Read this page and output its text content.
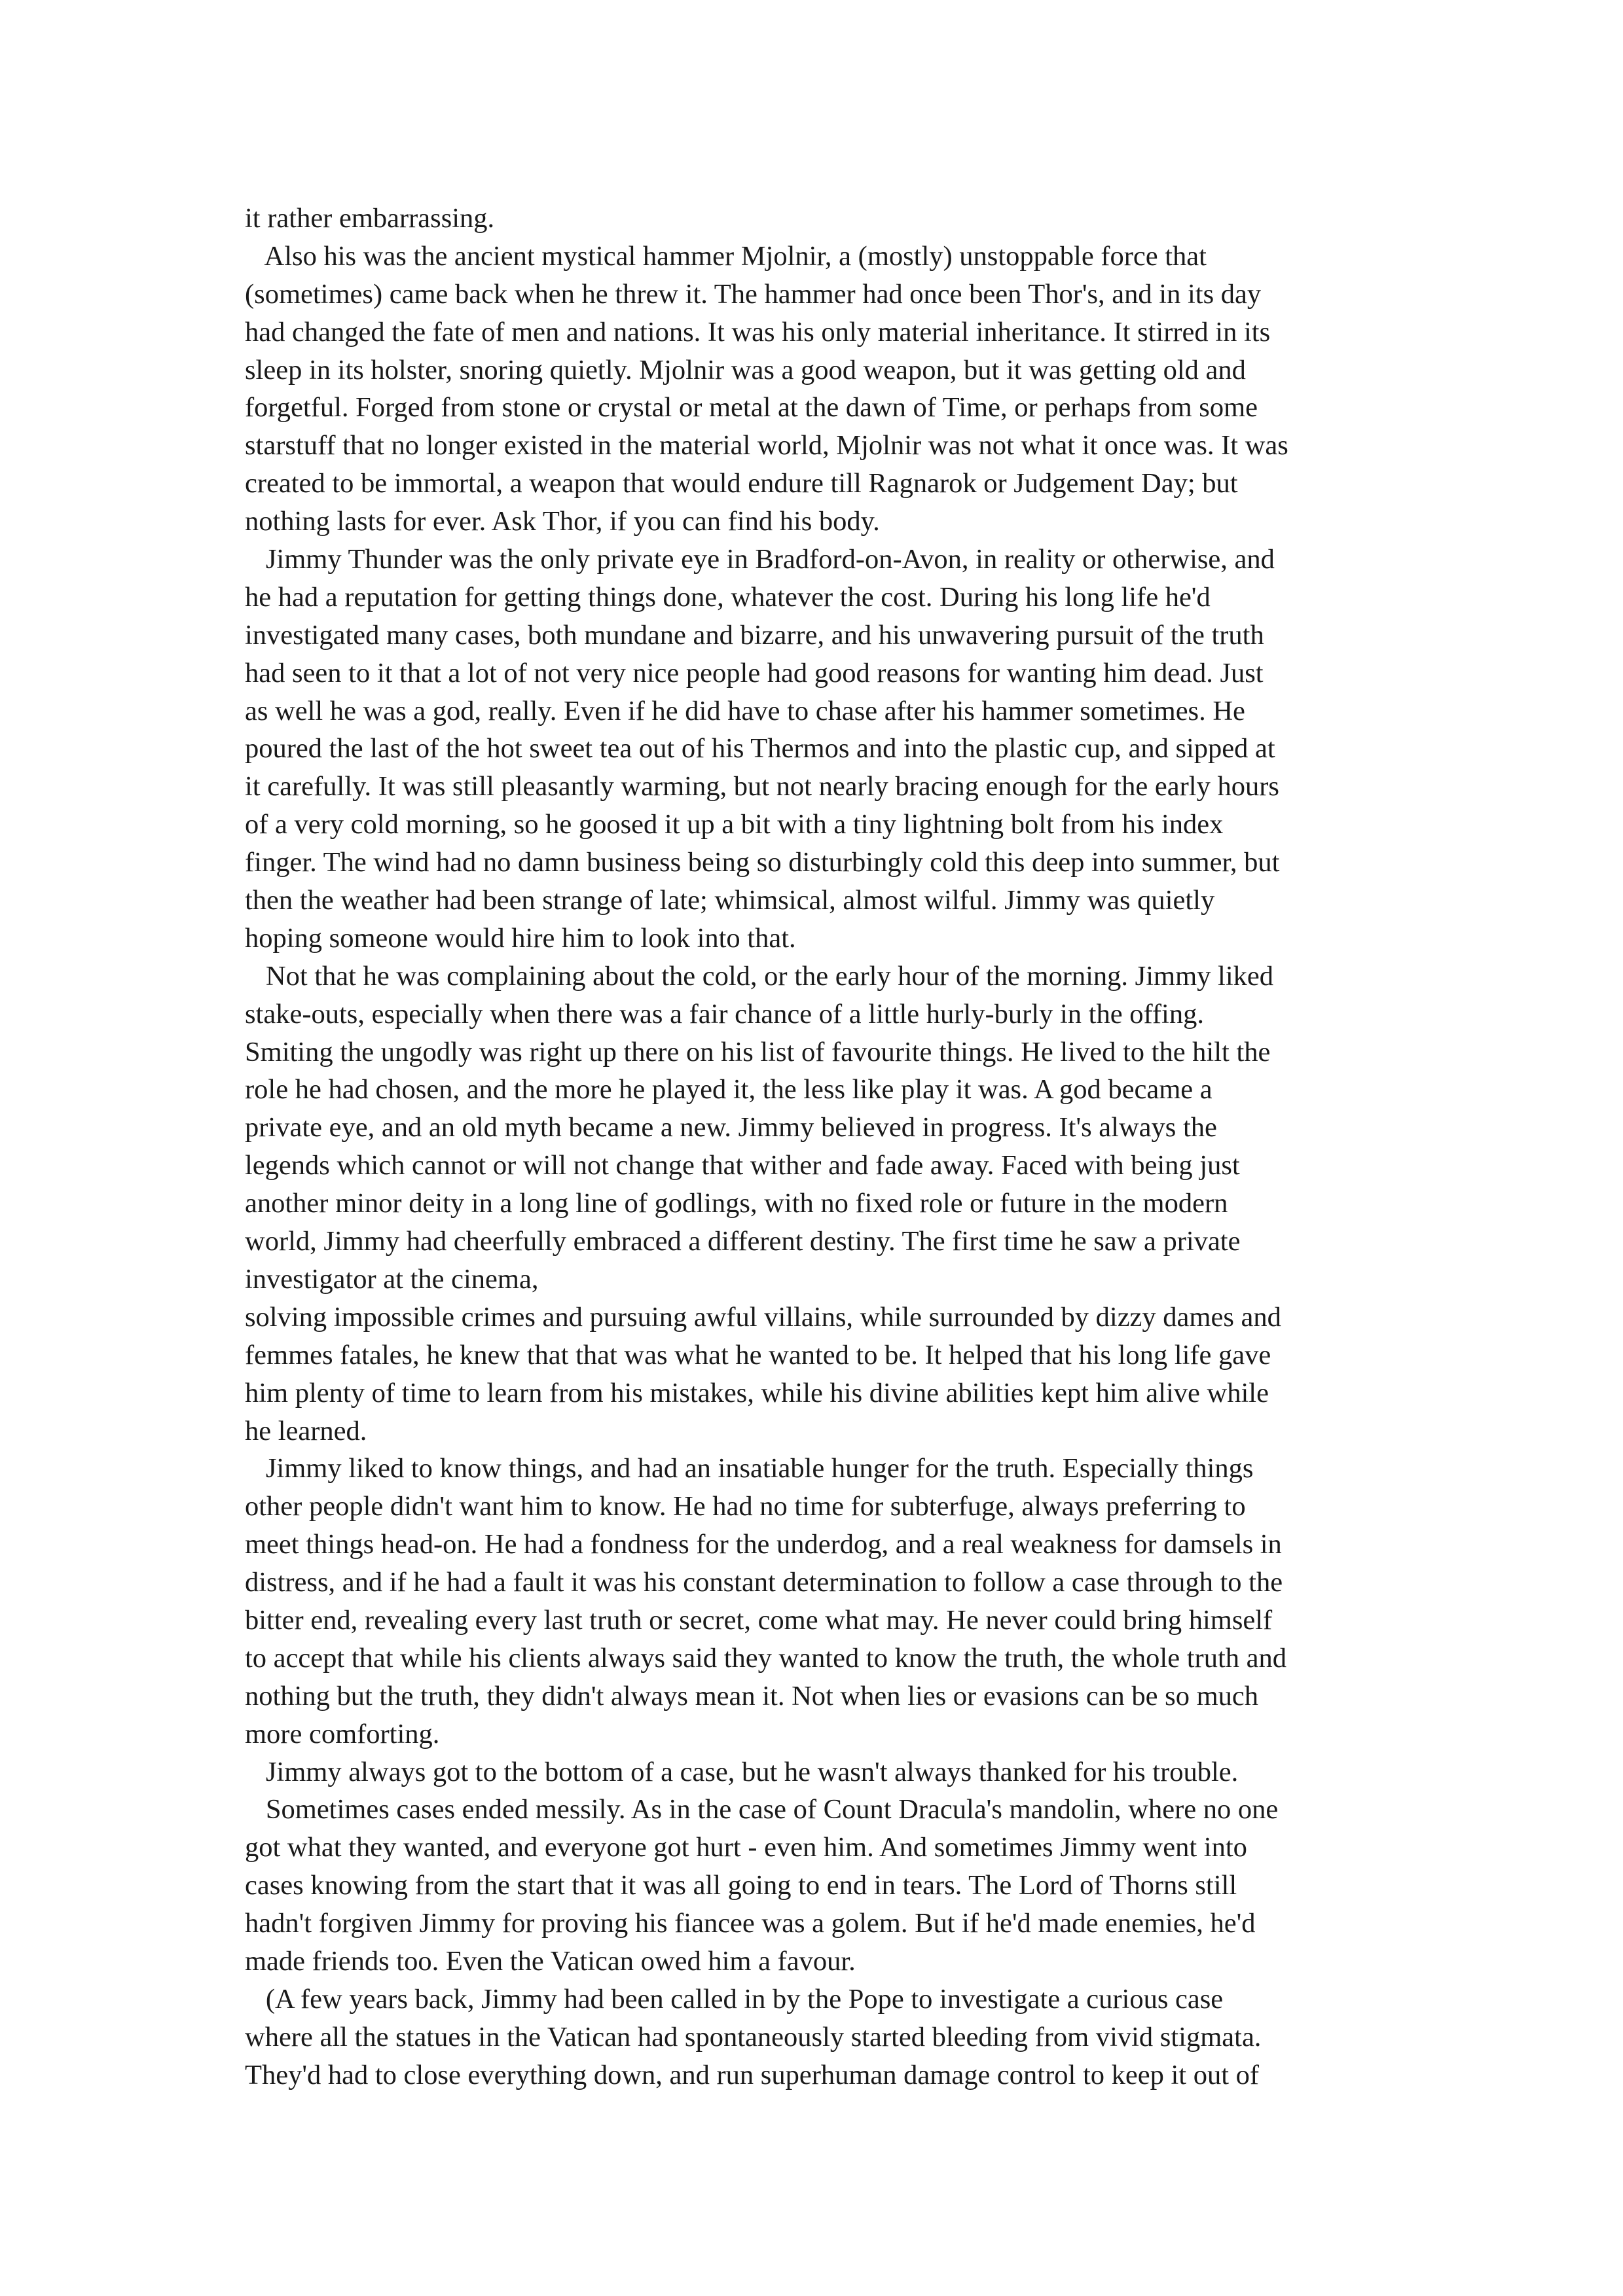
it rather embarrassing.
Also his was the ancient mystical hammer Mjolnir, a (mostly) unstoppable force that
(sometimes) came back when he threw it. The hammer had once been Thor's, and in its day
had changed the fate of men and nations. It was his only material inheritance. It stirred in its
sleep in its holster, snoring quietly. Mjolnir was a good weapon, but it was getting old and
forgetful. Forged from stone or crystal or metal at the dawn of Time, or perhaps from some
starstuff that no longer existed in the material world, Mjolnir was not what it once was. It was
created to be immortal, a weapon that would endure till Ragnarok or Judgement Day; but
nothing lasts for ever. Ask Thor, if you can find his body.
Jimmy Thunder was the only private eye in Bradford-on-Avon, in reality or otherwise, and
he had a reputation for getting things done, whatever the cost. During his long life he'd
investigated many cases, both mundane and bizarre, and his unwavering pursuit of the truth
had seen to it that a lot of not very nice people had good reasons for wanting him dead. Just
as well he was a god, really. Even if he did have to chase after his hammer sometimes. He
poured the last of the hot sweet tea out of his Thermos and into the plastic cup, and sipped at
it carefully. It was still pleasantly warming, but not nearly bracing enough for the early hours
of a very cold morning, so he goosed it up a bit with a tiny lightning bolt from his index
finger. The wind had no damn business being so disturbingly cold this deep into summer, but
then the weather had been strange of late; whimsical, almost wilful. Jimmy was quietly
hoping someone would hire him to look into that.
Not that he was complaining about the cold, or the early hour of the morning. Jimmy liked
stake-outs, especially when there was a fair chance of a little hurly-burly in the offing.
Smiting the ungodly was right up there on his list of favourite things. He lived to the hilt the
role he had chosen, and the more he played it, the less like play it was. A god became a
private eye, and an old myth became a new. Jimmy believed in progress. It's always the
legends which cannot or will not change that wither and fade away. Faced with being just
another minor deity in a long line of godlings, with no fixed role or future in the modern
world, Jimmy had cheerfully embraced a different destiny. The first time he saw a private
investigator at the cinema,
solving impossible crimes and pursuing awful villains, while surrounded by dizzy dames and
femmes fatales, he knew that that was what he wanted to be. It helped that his long life gave
him plenty of time to learn from his mistakes, while his divine abilities kept him alive while
he learned.
Jimmy liked to know things, and had an insatiable hunger for the truth. Especially things
other people didn't want him to know. He had no time for subterfuge, always preferring to
meet things head-on. He had a fondness for the underdog, and a real weakness for damsels in
distress, and if he had a fault it was his constant determination to follow a case through to the
bitter end, revealing every last truth or secret, come what may. He never could bring himself
to accept that while his clients always said they wanted to know the truth, the whole truth and
nothing but the truth, they didn't always mean it. Not when lies or evasions can be so much
more comforting.
Jimmy always got to the bottom of a case, but he wasn't always thanked for his trouble.
Sometimes cases ended messily. As in the case of Count Dracula's mandolin, where no one
got what they wanted, and everyone got hurt - even him. And sometimes Jimmy went into
cases knowing from the start that it was all going to end in tears. The Lord of Thorns still
hadn't forgiven Jimmy for proving his fiancee was a golem. But if he'd made enemies, he'd
made friends too. Even the Vatican owed him a favour.
(A few years back, Jimmy had been called in by the Pope to investigate a curious case
where all the statues in the Vatican had spontaneously started bleeding from vivid stigmata.
They'd had to close everything down, and run superhuman damage control to keep it out of
